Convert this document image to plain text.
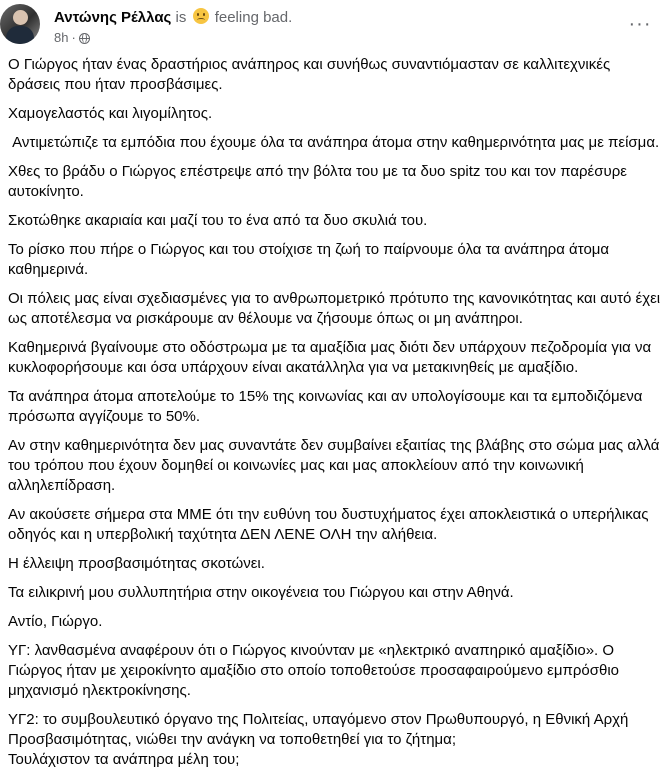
Αντώνης Ρέλλας is feeling bad.
8h ·
···

Ο Γιώργος ήταν ένας δραστήριος ανάπηρος και συνήθως συναντιόμασταν σε καλλιτεχνικές δράσεις που ήταν προσβάσιμες.

Χαμογελαστός και λιγομίλητος.

Αντιμετώπιζε τα εμπόδια που έχουμε όλα τα ανάπηρα άτομα στην καθημερινότητα μας με πείσμα.

Χθες το βράδυ ο Γιώργος επέστρεψε από την βόλτα του με τα δυο spitz του και τον παρέσυρε αυτοκίνητο.

Σκοτώθηκε ακαριαία και μαζί του το ένα από τα δυο σκυλιά του.

Το ρίσκο που πήρε ο Γιώργος και του στοίχισε τη ζωή το παίρνουμε όλα τα ανάπηρα άτομα καθημερινά.

Οι πόλεις μας είναι σχεδιασμένες για το ανθρωπομετρικό πρότυπο της κανονικότητας και αυτό έχει ως αποτέλεσμα να ρισκάρουμε αν θέλουμε να ζήσουμε όπως οι μη ανάπηροι.

Καθημερινά βγαίνουμε στο οδόστρωμα με τα αμαξίδια μας διότι δεν υπάρχουν πεζοδρομία για να κυκλοφορήσουμε και όσα υπάρχουν είναι ακατάλληλα για να μετακινηθείς με αμαξίδιο.

Τα ανάπηρα άτομα αποτελούμε το 15% της κοινωνίας και αν υπολογίσουμε και τα εμποδιζόμενα πρόσωπα αγγίζουμε το 50%.

Αν στην καθημερινότητα δεν μας συναντάτε δεν συμβαίνει εξαιτίας της βλάβης στο σώμα μας αλλά του τρόπου που έχουν δομηθεί οι κοινωνίες μας και μας αποκλείουν από την κοινωνική αλληλεπίδραση.

Αν ακούσετε σήμερα στα ΜΜΕ ότι την ευθύνη του δυστυχήματος έχει αποκλειστικά ο υπερήλικας οδηγός και η υπερβολική ταχύτητα ΔΕΝ ΛΕΝΕ ΟΛΗ την αλήθεια.

Η έλλειψη προσβασιμότητας σκοτώνει.

Τα ειλικρινή μου συλλυπητήρια στην οικογένεια του Γιώργου και στην Αθηνά.

Αντίο, Γιώργο.

ΥΓ: λανθασμένα αναφέρουν ότι ο Γιώργος κινούνταν με «ηλεκτρικό αναπηρικό αμαξίδιο». Ο Γιώργος ήταν με χειροκίνητο αμαξίδιο στο οποίο τοποθετούσε προσαφαιρούμενο εμπρόσθιο μηχανισμό ηλεκτροκίνησης.

ΥΓ2: το συμβουλευτικό όργανο της Πολιτείας, υπαγόμενο στον Πρωθυπουργό, η Εθνική Αρχή Προσβασιμότητας, νιώθει την ανάγκη να τοποθετηθεί για το ζήτημα;
Τουλάχιστον τα ανάπηρα μέλη του;
